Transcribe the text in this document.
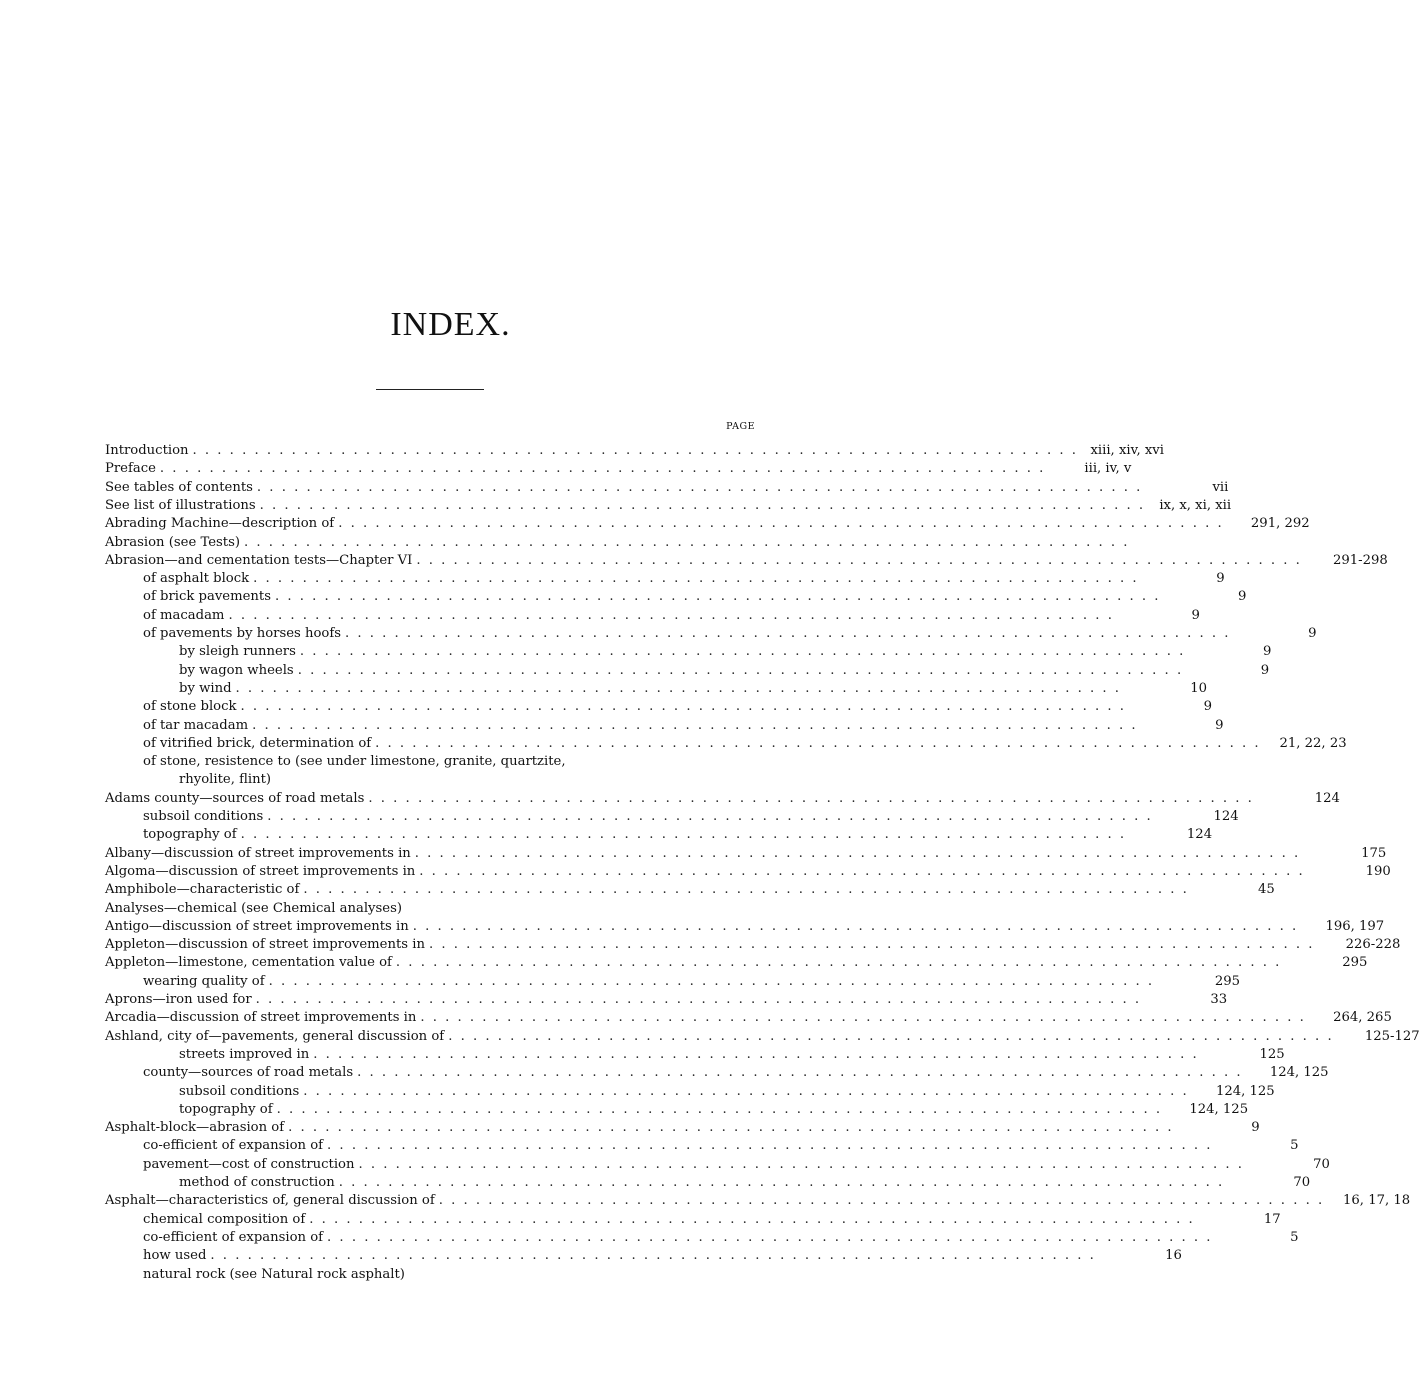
INDEX.
PAGE
Introduction . . . . . . . . . . . . . . . . . . . . . . . . . . . . . . . . . . . . . . . . . . . . . . . . . . . . . . . . . . . . . . . . . . . . . . . . xiii, xiv, xvi
Preface . . . . . . . . . . . . . . . . . . . . . . . . . . . . . . . . . . . . . . . . . . . . . . . . . . . . . . . . . . . . . . . . . . . . . . . .	iii, iv, v
See tables of contents . . . . . . . . . . . . . . . . . . . . . . . . . . . . . . . . . . . . . . . . . . . . . . . . . . . . . . . . . . . . . . . . . . . . . . . .	vii
See list of illustrations . . . . . . . . . . . . . . . . . . . . . . . . . . . . . . . . . . . . . . . . . . . . . . . . . . . . . . . . . . . . . . . . . . . . . . . .	ix, x, xi, xii
Abrading Machine—description of . . . . . . . . . . . . . . . . . . . . . . . . . . . . . . . . . . . . . . . . . . . . . . . . . . . . . . . . . . . . . . . . . . . . . . . .	291, 292
Abrasion (see Tests) . . . . . . . . . . . . . . . . . . . . . . . . . . . . . . . . . . . . . . . . . . . . . . . . . . . . . . . . . . . . . . . . . . . . . . . .
Abrasion—and cementation tests—Chapter VI . . . . . . . . . . . . . . . . . . . . . . . . . . . . . . . . . . . . . . . . . . . . . . . . . . . . . . . . . . . . . . . . . . . . . . . .	291-298
of asphalt block . . . . . . . . . . . . . . . . . . . . . . . . . . . . . . . . . . . . . . . . . . . . . . . . . . . . . . . . . . . . . . . . . . . . . . . .	9
of brick pavements . . . . . . . . . . . . . . . . . . . . . . . . . . . . . . . . . . . . . . . . . . . . . . . . . . . . . . . . . . . . . . . . . . . . . . . .	9
of macadam . . . . . . . . . . . . . . . . . . . . . . . . . . . . . . . . . . . . . . . . . . . . . . . . . . . . . . . . . . . . . . . . . . . . . . . .	9
of pavements by horses hoofs . . . . . . . . . . . . . . . . . . . . . . . . . . . . . . . . . . . . . . . . . . . . . . . . . . . . . . . . . . . . . . . . . . . . . . . .	9
by sleigh runners . . . . . . . . . . . . . . . . . . . . . . . . . . . . . . . . . . . . . . . . . . . . . . . . . . . . . . . . . . . . . . . . . . . . . . . .	9
by wagon wheels . . . . . . . . . . . . . . . . . . . . . . . . . . . . . . . . . . . . . . . . . . . . . . . . . . . . . . . . . . . . . . . . . . . . . . . .	9
by wind . . . . . . . . . . . . . . . . . . . . . . . . . . . . . . . . . . . . . . . . . . . . . . . . . . . . . . . . . . . . . . . . . . . . . . . .	10
of stone block . . . . . . . . . . . . . . . . . . . . . . . . . . . . . . . . . . . . . . . . . . . . . . . . . . . . . . . . . . . . . . . . . . . . . . . .	9
of tar macadam . . . . . . . . . . . . . . . . . . . . . . . . . . . . . . . . . . . . . . . . . . . . . . . . . . . . . . . . . . . . . . . . . . . . . . . .	9
of vitrified brick, determination of . . . . . . . . . . . . . . . . . . . . . . . . . . . . . . . . . . . . . . . . . . . . . . . . . . . . . . . . . . . . . . . . . . . . . . . .	21, 22, 23
of stone, resistence to (see under limestone, granite, quartzite,
rhyolite, flint)
Adams county—sources of road metals . . . . . . . . . . . . . . . . . . . . . . . . . . . . . . . . . . . . . . . . . . . . . . . . . . . . . . . . . . . . . . . . . . . . . . . .	124
subsoil conditions . . . . . . . . . . . . . . . . . . . . . . . . . . . . . . . . . . . . . . . . . . . . . . . . . . . . . . . . . . . . . . . . . . . . . . . .	124
topography of . . . . . . . . . . . . . . . . . . . . . . . . . . . . . . . . . . . . . . . . . . . . . . . . . . . . . . . . . . . . . . . . . . . . . . . .	124
Albany—discussion of street improvements in . . . . . . . . . . . . . . . . . . . . . . . . . . . . . . . . . . . . . . . . . . . . . . . . . . . . . . . . . . . . . . . . . . . . . . . .	175
Algoma—discussion of street improvements in . . . . . . . . . . . . . . . . . . . . . . . . . . . . . . . . . . . . . . . . . . . . . . . . . . . . . . . . . . . . . . . . . . . . . . . .	190
Amphibole—characteristic of . . . . . . . . . . . . . . . . . . . . . . . . . . . . . . . . . . . . . . . . . . . . . . . . . . . . . . . . . . . . . . . . . . . . . . . .	45
Analyses—chemical (see Chemical analyses)
Antigo—discussion of street improvements in . . . . . . . . . . . . . . . . . . . . . . . . . . . . . . . . . . . . . . . . . . . . . . . . . . . . . . . . . . . . . . . . . . . . . . . .	196, 197
Appleton—discussion of street improvements in . . . . . . . . . . . . . . . . . . . . . . . . . . . . . . . . . . . . . . . . . . . . . . . . . . . . . . . . . . . . . . . . . . . . . . . .	226-228
Appleton—limestone, cementation value of . . . . . . . . . . . . . . . . . . . . . . . . . . . . . . . . . . . . . . . . . . . . . . . . . . . . . . . . . . . . . . . . . . . . . . . .	295
wearing quality of . . . . . . . . . . . . . . . . . . . . . . . . . . . . . . . . . . . . . . . . . . . . . . . . . . . . . . . . . . . . . . . . . . . . . . . .	295
Aprons—iron used for . . . . . . . . . . . . . . . . . . . . . . . . . . . . . . . . . . . . . . . . . . . . . . . . . . . . . . . . . . . . . . . . . . . . . . . .	33
Arcadia—discussion of street improvements in . . . . . . . . . . . . . . . . . . . . . . . . . . . . . . . . . . . . . . . . . . . . . . . . . . . . . . . . . . . . . . . . . . . . . . . .	264, 265
Ashland, city of—pavements, general discussion of . . . . . . . . . . . . . . . . . . . . . . . . . . . . . . . . . . . . . . . . . . . . . . . . . . . . . . . . . . . . . . . . . . . . . . . .	125-127
streets improved in . . . . . . . . . . . . . . . . . . . . . . . . . . . . . . . . . . . . . . . . . . . . . . . . . . . . . . . . . . . . . . . . . . . . . . . .	125
county—sources of road metals . . . . . . . . . . . . . . . . . . . . . . . . . . . . . . . . . . . . . . . . . . . . . . . . . . . . . . . . . . . . . . . . . . . . . . . .	124, 125
subsoil conditions . . . . . . . . . . . . . . . . . . . . . . . . . . . . . . . . . . . . . . . . . . . . . . . . . . . . . . . . . . . . . . . . . . . . . . . .	124, 125
topography of . . . . . . . . . . . . . . . . . . . . . . . . . . . . . . . . . . . . . . . . . . . . . . . . . . . . . . . . . . . . . . . . . . . . . . . .	124, 125
Asphalt-block—abrasion of . . . . . . . . . . . . . . . . . . . . . . . . . . . . . . . . . . . . . . . . . . . . . . . . . . . . . . . . . . . . . . . . . . . . . . . .	9
co-efficient of expansion of . . . . . . . . . . . . . . . . . . . . . . . . . . . . . . . . . . . . . . . . . . . . . . . . . . . . . . . . . . . . . . . . . . . . . . . .	5
pavement—cost of construction . . . . . . . . . . . . . . . . . . . . . . . . . . . . . . . . . . . . . . . . . . . . . . . . . . . . . . . . . . . . . . . . . . . . . . . .	70
method of construction . . . . . . . . . . . . . . . . . . . . . . . . . . . . . . . . . . . . . . . . . . . . . . . . . . . . . . . . . . . . . . . . . . . . . . . .	70
Asphalt—characteristics of, general discussion of . . . . . . . . . . . . . . . . . . . . . . . . . . . . . . . . . . . . . . . . . . . . . . . . . . . . . . . . . . . . . . . . . . . . . . . .	16, 17, 18
chemical composition of . . . . . . . . . . . . . . . . . . . . . . . . . . . . . . . . . . . . . . . . . . . . . . . . . . . . . . . . . . . . . . . . . . . . . . . .	17
co-efficient of expansion of . . . . . . . . . . . . . . . . . . . . . . . . . . . . . . . . . . . . . . . . . . . . . . . . . . . . . . . . . . . . . . . . . . . . . . . .	5
how used . . . . . . . . . . . . . . . . . . . . . . . . . . . . . . . . . . . . . . . . . . . . . . . . . . . . . . . . . . . . . . . . . . . . . . . .	16
natural rock (see Natural rock asphalt)
